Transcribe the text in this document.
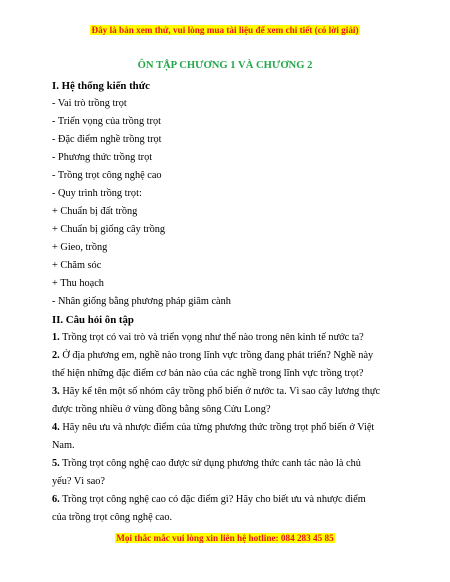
Đây là bản xem thử, vui lòng mua tài liệu để xem chi tiết (có lời giải)
ÔN TẬP CHƯƠNG 1 VÀ CHƯƠNG 2
I. Hệ thống kiến thức
- Vai trò trồng trọt
- Triển vọng của trồng trọt
- Đặc điểm nghề trồng trọt
- Phương thức trồng trọt
- Trồng trọt công nghệ cao
- Quy trình trồng trọt:
+ Chuẩn bị đất trồng
+ Chuẩn bị giống cây trồng
+ Gieo, trồng
+ Chăm sóc
+ Thu hoạch
- Nhân giống bằng phương pháp giâm cành
II. Câu hỏi ôn tập
1. Trồng trọt có vai trò và triển vọng như thế nào trong nên kinh tế nước ta?
2. Ở địa phương em, nghề nào trong lĩnh vực trồng đang phát triển? Nghề này
thể hiện những đặc điểm cơ bản nào của các nghề trong lĩnh vực trồng trọt?
3. Hãy kể tên một số nhóm cây trồng phổ biến ở nước ta. Vì sao cây lương thực
được trồng nhiều ở vùng đồng bằng sông Cửu Long?
4. Hãy nêu ưu và nhược điểm của từng phương thức trồng trọt phổ biến ở Việt
Nam.
5. Trồng trọt công nghệ cao được sử dụng phương thức canh tác nào là chủ
yếu? Vì sao?
6. Trồng trọt công nghệ cao có đặc điểm gì? Hãy cho biết ưu và nhược điểm
của trồng trọt công nghệ cao.
Mọi thắc mắc vui lòng xin liên hệ hotline: 084 283 45 85
